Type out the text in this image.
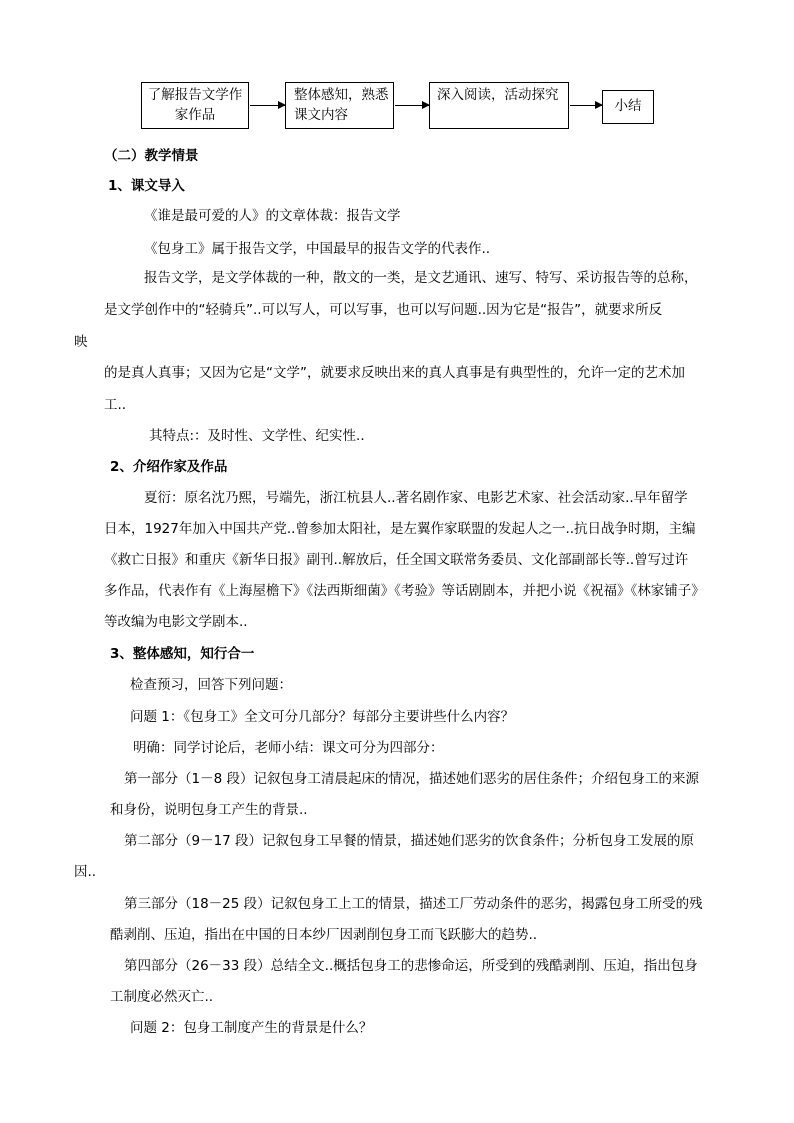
了解报告文学作家作品
整体感知，熟悉课文内容
深入阅读，活动探究
小结
（二）教学情景
1、课文导入
《谁是最可爱的人》的文章体裁：报告文学
《包身工》属于报告文学，中国最早的报告文学的代表作..
报告文学，是文学体裁的一种，散文的一类，是文艺通讯、速写、特写、采访报告等的总称，
是文学创作中的“轻骑兵”..可以写人，可以写事，也可以写问题..因为它是“报告”，就要求所反
映
的是真人真事；又因为它是“文学”，就要求反映出来的真人真事是有典型性的，允许一定的艺术加
工..
其特点:：及时性、文学性、纪实性..
2、介绍作家及作品
夏衍：原名沈乃熙，号端先，浙江杭县人..著名剧作家、电影艺术家、社会活动家..早年留学
日本，1927年加入中国共产党..曾参加太阳社，是左翼作家联盟的发起人之一..抗日战争时期，主编
《救亡日报》和重庆《新华日报》副刊..解放后，任全国文联常务委员、文化部副部长等..曾写过许
多作品，代表作有《上海屋檐下》《法西斯细菌》《考验》等话剧剧本，并把小说《祝福》《林家铺子》
等改编为电影文学剧本..
3、整体感知，知行合一
检查预习，回答下列问题：
问题 1：《包身工》全文可分几部分？每部分主要讲些什么内容？
明确：同学讨论后，老师小结：课文可分为四部分：
第一部分（1－8 段）记叙包身工清晨起床的情况，描述她们恶劣的居住条件；介绍包身工的来源
和身份，说明包身工产生的背景..
第二部分（9－17 段）记叙包身工早餐的情景，描述她们恶劣的饮食条件；分析包身工发展的原
因..
第三部分（18－25 段）记叙包身工上工的情景，描述工厂劳动条件的恶劣，揭露包身工所受的残
酷剥削、压迫，指出在中国的日本纱厂因剥削包身工而飞跃膨大的趋势..
第四部分（26－33 段）总结全文..概括包身工的悲惨命运，所受到的残酷剥削、压迫，指出包身
工制度必然灭亡..
问题 2：包身工制度产生的背景是什么？
